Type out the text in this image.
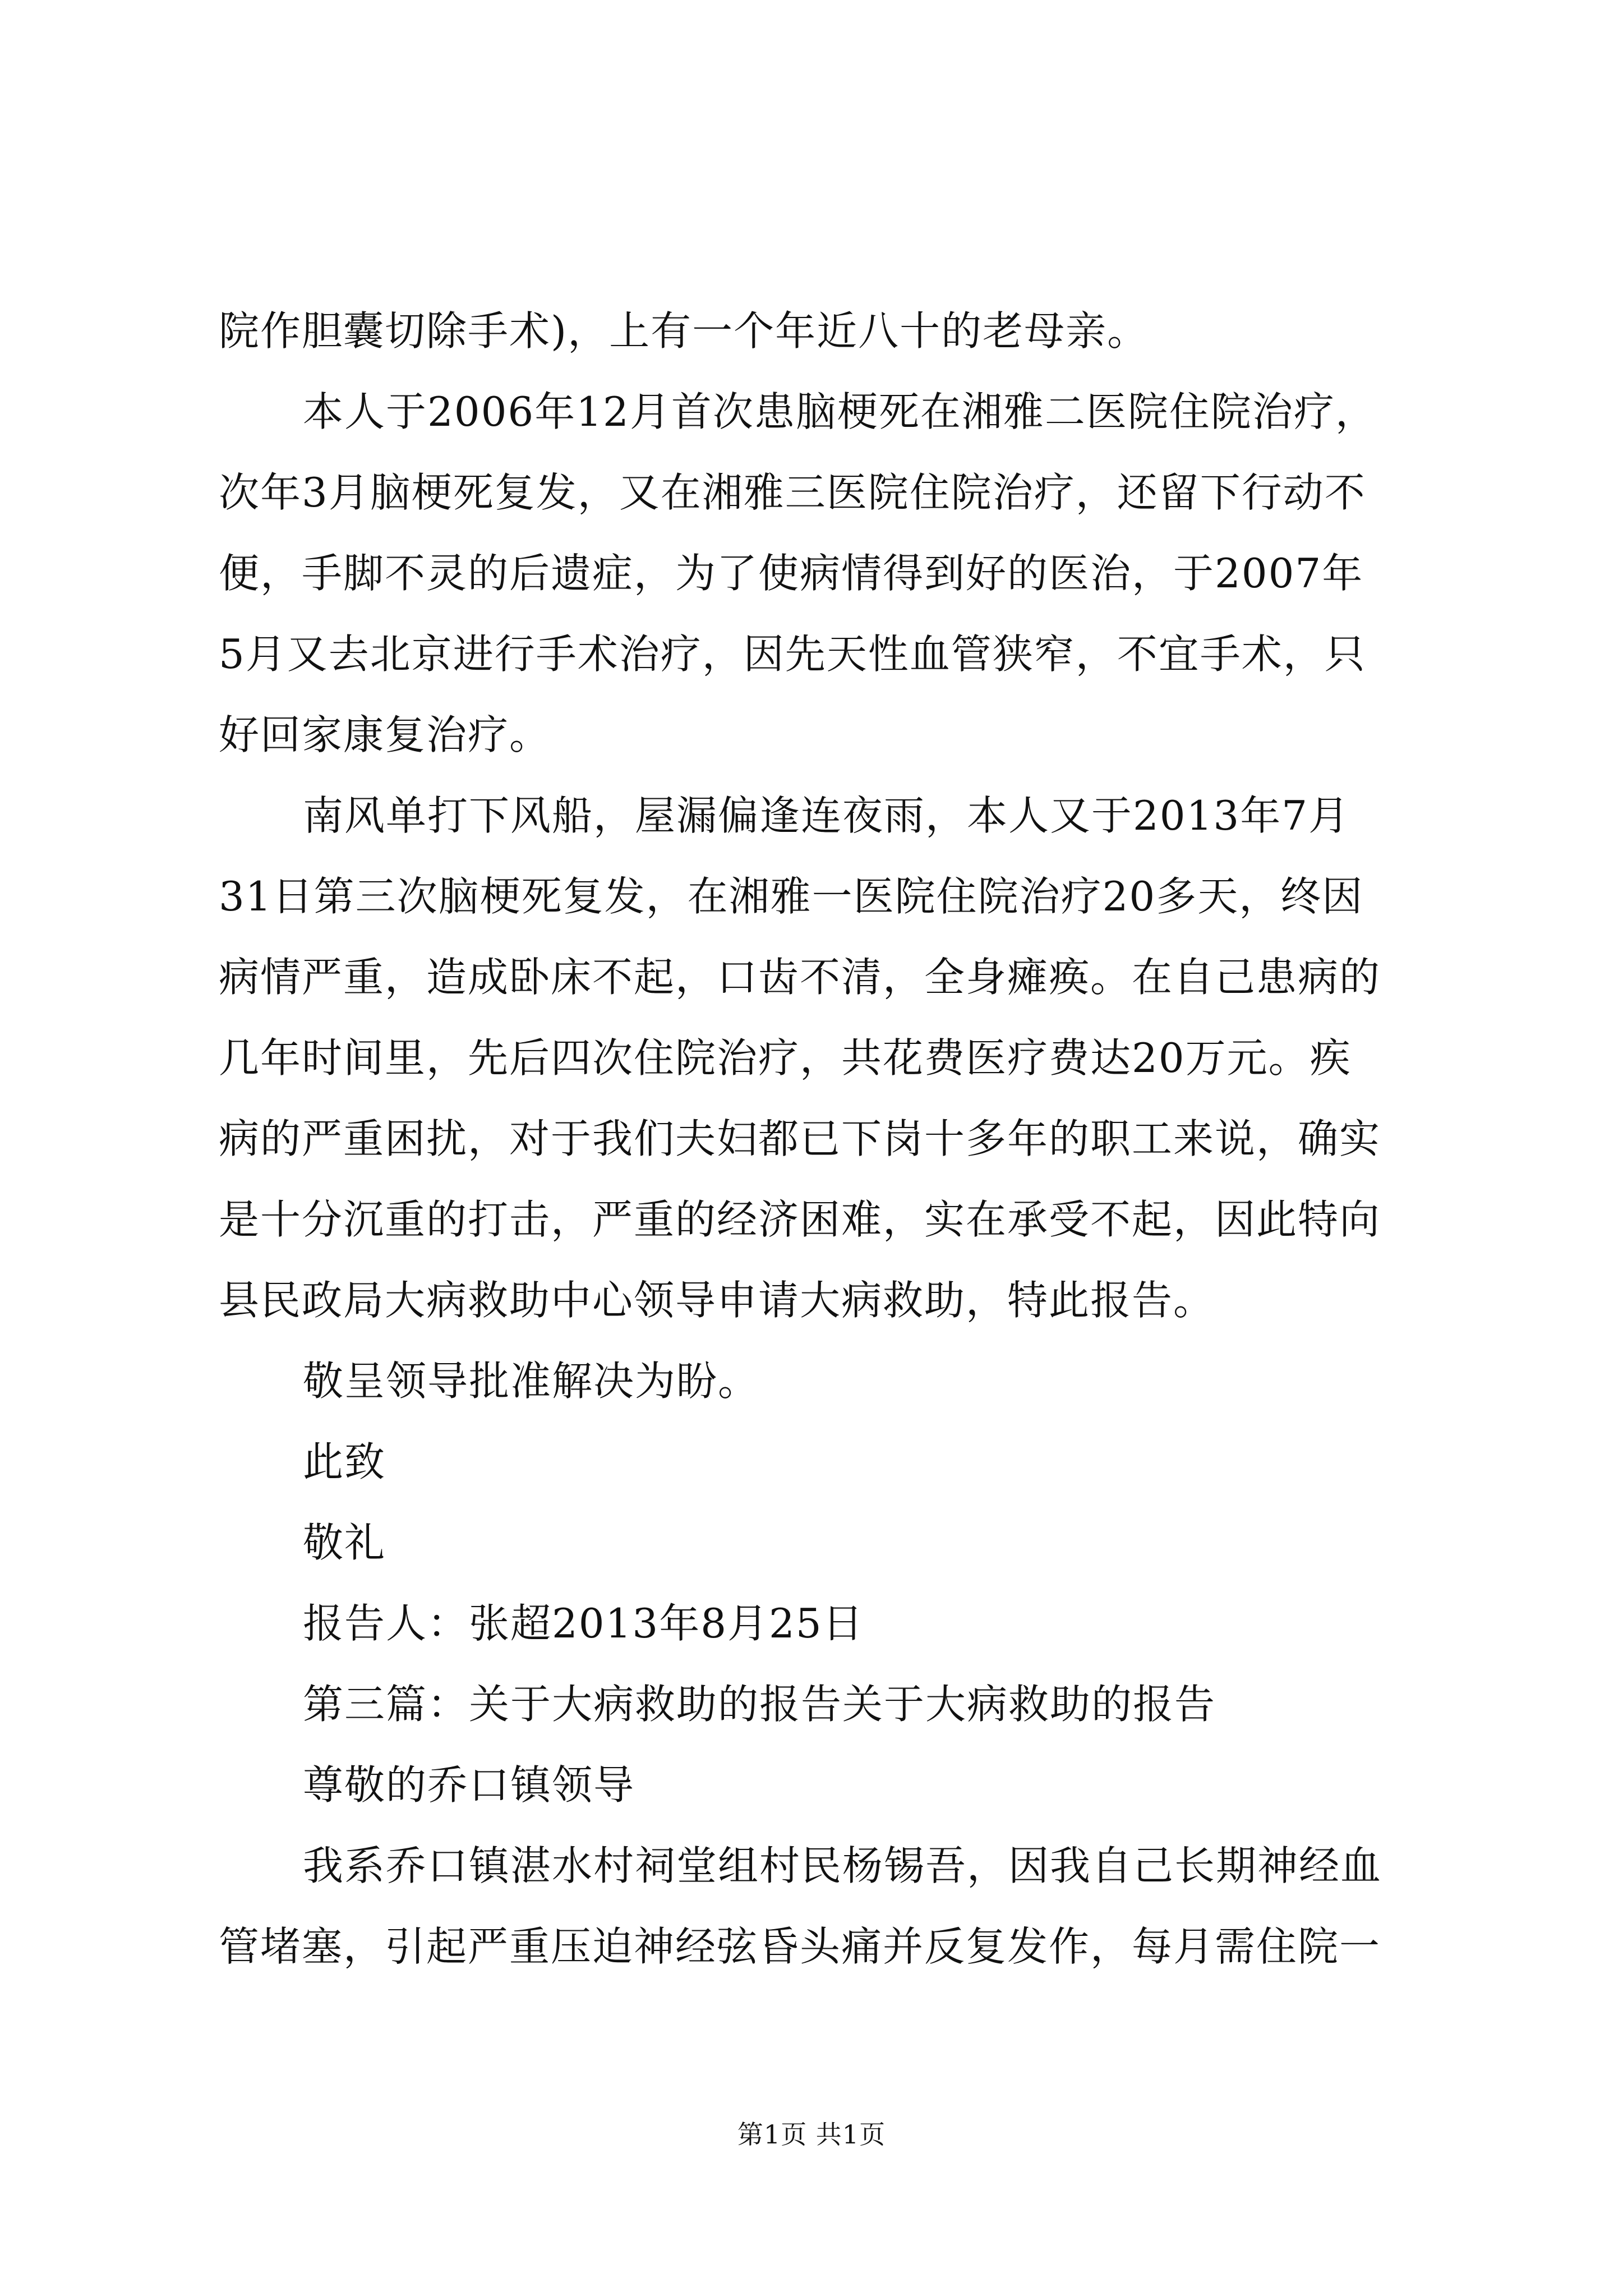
院作胆囊切除手术)，上有一个年近八十的老母亲。
本人于2006年12月首次患脑梗死在湘雅二医院住院治疗，
次年3月脑梗死复发，又在湘雅三医院住院治疗，还留下行动不
便，手脚不灵的后遗症，为了使病情得到好的医治，于2007年
5月又去北京进行手术治疗，因先天性血管狭窄，不宜手术，只
好回家康复治疗。
南风单打下风船，屋漏偏逢连夜雨，本人又于2013年7月
31日第三次脑梗死复发，在湘雅一医院住院治疗20多天，终因
病情严重，造成卧床不起，口齿不清，全身瘫痪。在自己患病的
几年时间里，先后四次住院治疗，共花费医疗费达20万元。疾
病的严重困扰，对于我们夫妇都已下岗十多年的职工来说，确实
是十分沉重的打击，严重的经济困难，实在承受不起，因此特向
县民政局大病救助中心领导申请大病救助，特此报告。
敬呈领导批准解决为盼。
此致
敬礼
报告人：张超2013年8月25日
第三篇：关于大病救助的报告关于大病救助的报告
尊敬的乔口镇领导
我系乔口镇湛水村祠堂组村民杨锡吾，因我自己长期神经血
管堵塞，引起严重压迫神经弦昏头痛并反复发作，每月需住院一
第1页 共1页
